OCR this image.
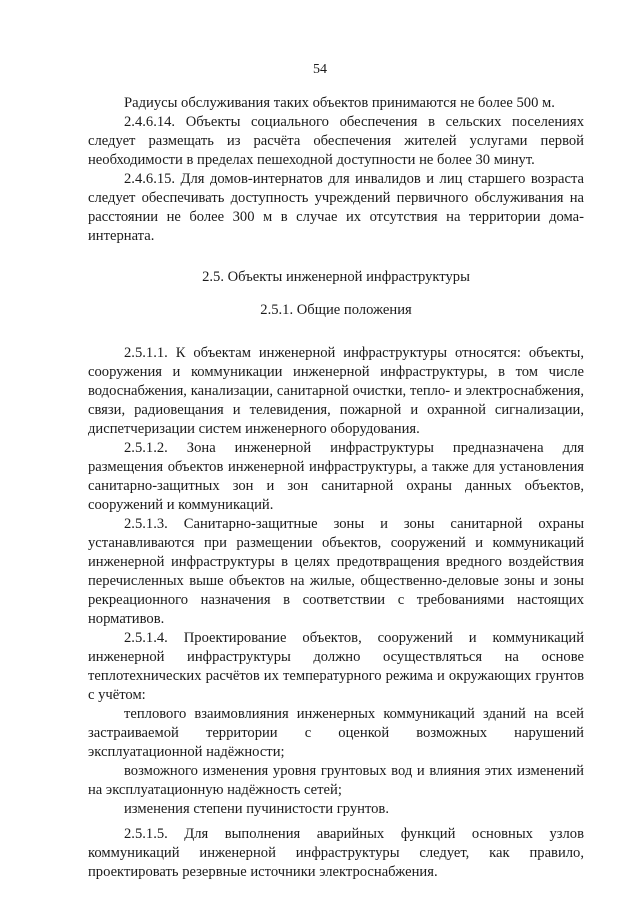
54

Радиусы обслуживания таких объектов принимаются не более 500 м.

2.4.6.14. Объекты социального обеспечения в сельских поселениях следует размещать из расчёта обеспечения жителей услугами первой необходимости в пределах пешеходной доступности не более 30 минут.

2.4.6.15. Для домов-интернатов для инвалидов и лиц старшего возраста следует обеспечивать доступность учреждений первичного обслуживания на расстоянии не более 300 м в случае их отсутствия на территории дома-интерната.

2.5. Объекты инженерной инфраструктуры

2.5.1. Общие положения

2.5.1.1. К объектам инженерной инфраструктуры относятся: объекты, сооружения и коммуникации инженерной инфраструктуры, в том числе водоснабжения, канализации, санитарной очистки, тепло- и электроснабжения, связи, радиовещания и телевидения, пожарной и охранной сигнализации, диспетчеризации систем инженерного оборудования.

2.5.1.2. Зона инженерной инфраструктуры предназначена для размещения объектов инженерной инфраструктуры, а также для установления санитарно-защитных зон и зон санитарной охраны данных объектов, сооружений и коммуникаций.

2.5.1.3. Санитарно-защитные зоны и зоны санитарной охраны устанавливаются при размещении объектов, сооружений и коммуникаций инженерной инфраструктуры в целях предотвращения вредного воздействия перечисленных выше объектов на жилые, общественно-деловые зоны и зоны рекреационного назначения в соответствии с требованиями настоящих нормативов.

2.5.1.4. Проектирование объектов, сооружений и коммуникаций инженерной инфраструктуры должно осуществляться на основе теплотехнических расчётов их температурного режима и окружающих грунтов с учётом:

теплового взаимовлияния инженерных коммуникаций зданий на всей застраиваемой территории с оценкой возможных нарушений эксплуатационной надёжности;

возможного изменения уровня грунтовых вод и влияния этих изменений на эксплуатационную надёжность сетей;

изменения степени пучинистости грунтов.

2.5.1.5. Для выполнения аварийных функций основных узлов коммуникаций инженерной инфраструктуры следует, как правило, проектировать резервные источники электроснабжения.
